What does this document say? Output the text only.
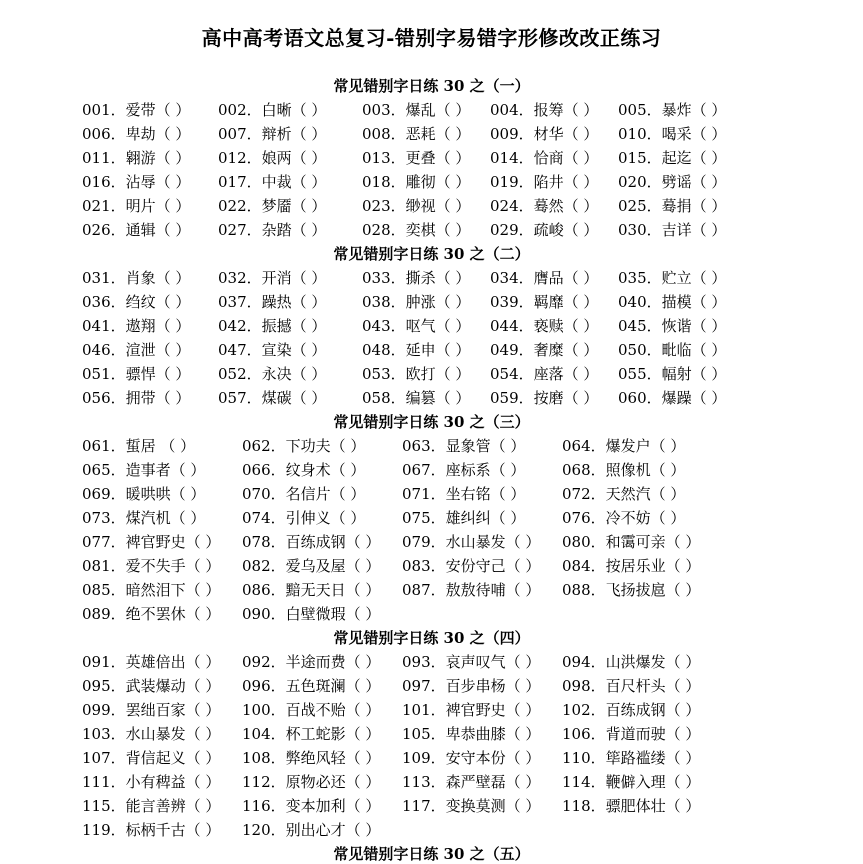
高中高考语文总复习-错别字易错字形修改改正练习
常见错别字日练 30 之（一）
001．爱带（ ） 002．白晰（ ） 003．爆乱（ ） 004．报筹（ ） 005．暴炸（ ）
006．卑劫（ ） 007．辩析（ ） 008．恶耗（ ） 009．材华（ ） 010．喝采（ ）
011．翱游（ ） 012．娘两（ ） 013．更叠（ ） 014．恰商（ ） 015．起迄（ ）
016．沾辱（ ） 017．中裁（ ） 018．雕彻（ ） 019．陷井（ ） 020．劈谣（ ）
021．明片（ ） 022．梦靥（ ） 023．缈视（ ） 024．蓦然（ ） 025．蓦捐（ ）
026．通辑（ ） 027．杂踏（ ） 028．奕棋（ ） 029．疏峻（ ） 030．吉详（ ）
常见错别字日练 30 之（二）
031．肖象（ ） 032．开消（ ） 033．撕杀（ ） 034．膺品（ ） 035．贮立（ ）
036．绉纹（ ） 037．躁热（ ） 038．肿涨（ ） 039．羁靡（ ） 040．描模（ ）
041．遨翔（ ） 042．振撼（ ） 043．呕气（ ） 044．亵赎（ ） 045．恢谐（ ）
046．渲泄（ ） 047．宣染（ ） 048．延申（ ） 049．奢糜（ ） 050．毗临（ ）
051．骠悍（ ） 052．永决（ ） 053．欧打（ ） 054．座落（ ） 055．幅射（ ）
056．拥带（ ） 057．煤碳（ ） 058．编篡（ ） 059．按磨（ ） 060．爆躁（ ）
常见错别字日练 30 之（三）
061．蜇居 （ ）	062．下功夫（ ） 063．显象管（ ） 064．爆发户（ ）
065．造事者（ ） 066．纹身术（ ） 067．座标系（ ） 068．照像机（ ）
069．暖哄哄（ ） 070．名信片（ ） 071．坐右铭（ ） 072．天然汽（ ）
073．煤汽机（ ） 074．引伸义（ ） 075．雄纠纠（ ） 076．冷不妨（ ）
077．裨官野史（ ） 078．百练成钢（ ） 079．水山暴发（ ） 080．和霭可亲（ ）
081．爱不失手（ ） 082．爱乌及屋（ ） 083．安份守己（ ） 084．按居乐业（ ）
085．暗然泪下（ ） 086．黯无天日（ ） 087．敖敖待哺（ ） 088．飞扬拔扈（ ）
089．绝不罢休（ ） 090．白壁微瑕（ ）
常见错别字日练 30 之（四）
091．英雄倍出（ ） 092．半途而费（ ） 093．哀声叹气（ ） 094．山洪爆发（ ）
095．武装爆动（ ） 096．五色斑澜（ ） 097．百步串杨（ ） 098．百尺杆头（ ）
099．罢绌百家（ ） 100．百战不贻（ ） 101．裨官野史（ ） 102．百练成钢（ ）
103．水山暴发（ ） 104．杯工蛇影（ ） 105．卑恭曲膝（ ） 106．背道而驶（ ）
107．背信起义（ ） 108．弊绝风轻（ ） 109．安守本份（ ） 110．筚路褴缕（ ）
111．小有稗益（ ） 112．原物必还（ ） 113．森严壁磊（ ） 114．鞭僻入理（ ）
115．能言善辨（ ） 116．变本加利（ ） 117．变换莫测（ ） 118．骠肥体壮（ ）
119．标柄千古（ ） 120．别出心才（ ）
常见错别字日练 30 之（五）
